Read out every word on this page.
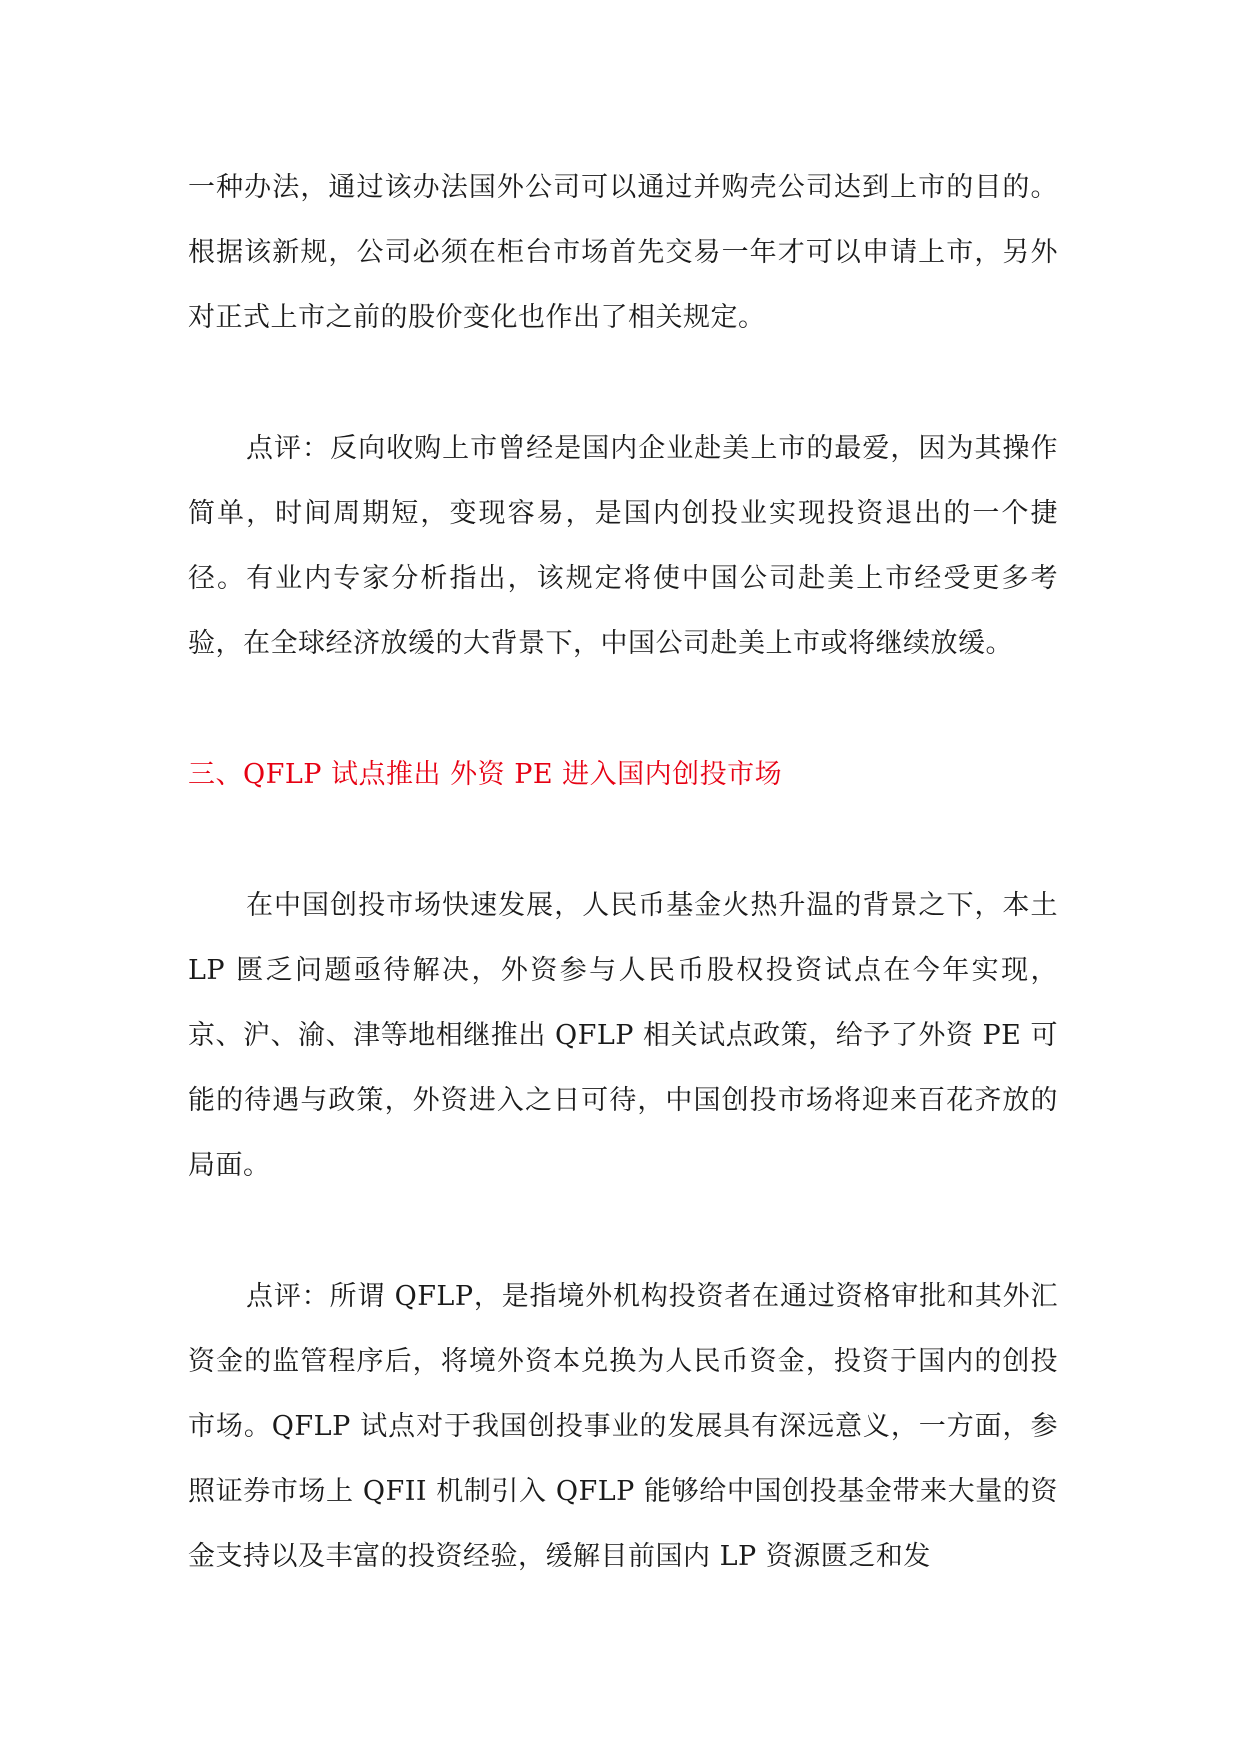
一种办法，通过该办法国外公司可以通过并购壳公司达到上市的目的。根据该新规，公司必须在柜台市场首先交易一年才可以申请上市，另外对正式上市之前的股价变化也作出了相关规定。

点评：反向收购上市曾经是国内企业赴美上市的最爱，因为其操作简单，时间周期短，变现容易，是国内创投业实现投资退出的一个捷径。有业内专家分析指出，该规定将使中国公司赴美上市经受更多考验，在全球经济放缓的大背景下，中国公司赴美上市或将继续放缓。

三、QFLP 试点推出 外资 PE 进入国内创投市场

在中国创投市场快速发展，人民币基金火热升温的背景之下，本土 LP 匮乏问题亟待解决，外资参与人民币股权投资试点在今年实现，京、沪、渝、津等地相继推出 QFLP 相关试点政策，给予了外资 PE 可能的待遇与政策，外资进入之日可待，中国创投市场将迎来百花齐放的局面。

点评：所谓 QFLP，是指境外机构投资者在通过资格审批和其外汇资金的监管程序后，将境外资本兑换为人民币资金，投资于国内的创投市场。QFLP 试点对于我国创投事业的发展具有深远意义，一方面，参照证券市场上 QFII 机制引入 QFLP 能够给中国创投基金带来大量的资金支持以及丰富的投资经验，缓解目前国内 LP 资源匮乏和发
